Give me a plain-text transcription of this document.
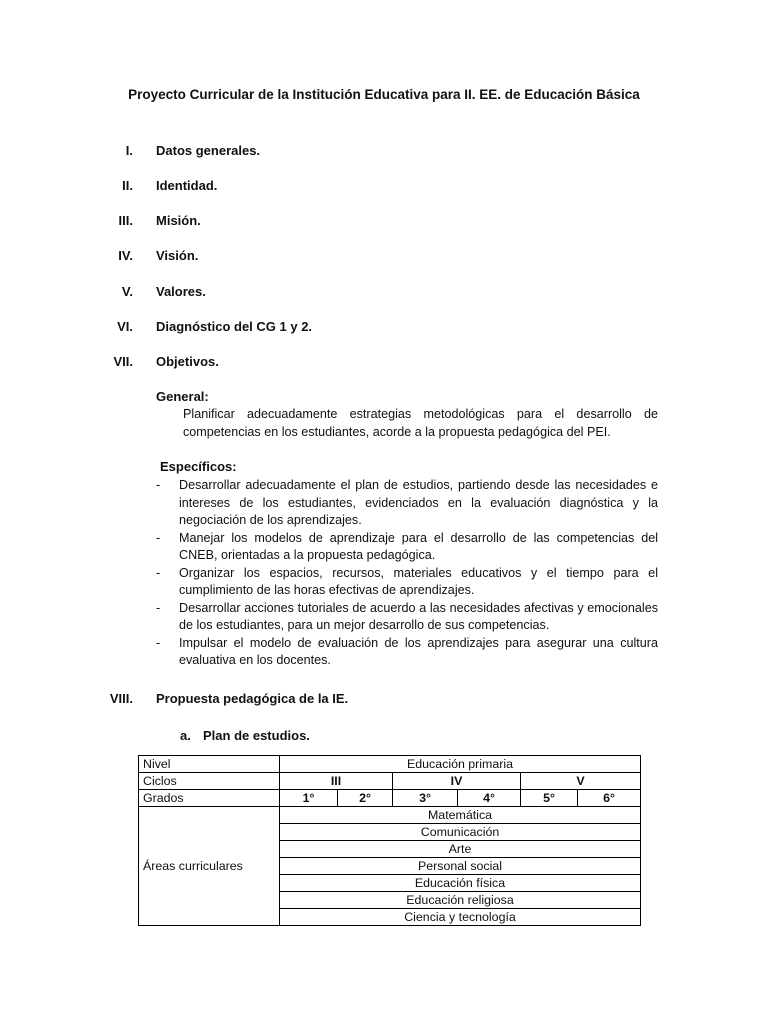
Proyecto Curricular de la Institución Educativa para II. EE. de Educación Básica
I. Datos generales.
II. Identidad.
III. Misión.
IV. Visión.
V. Valores.
VI. Diagnóstico del CG 1 y 2.
VII. Objetivos.
General:
Planificar adecuadamente estrategias metodológicas para el desarrollo de competencias en los estudiantes, acorde a la propuesta pedagógica del PEI.
Específicos:
- Desarrollar adecuadamente el plan de estudios, partiendo desde las necesidades e intereses de los estudiantes, evidenciados en la evaluación diagnóstica y la negociación de los aprendizajes.
- Manejar los modelos de aprendizaje para el desarrollo de las competencias del CNEB, orientadas a la propuesta pedagógica.
- Organizar los espacios, recursos, materiales educativos y el tiempo para el cumplimiento de las horas efectivas de aprendizajes.
- Desarrollar acciones tutoriales de acuerdo a las necesidades afectivas y emocionales de los estudiantes, para un mejor desarrollo de sus competencias.
- Impulsar el modelo de evaluación de los aprendizajes para asegurar una cultura evaluativa en los docentes.
VIII. Propuesta pedagógica de la IE.
a. Plan de estudios.
Nivel	Educación primaria					
Ciclos	III		IV		V	
Grados	1°	2°	3°	4°	5°	6°
Áreas curriculares	Matemática					
	Comunicación					
	Arte					
	Personal social					
	Educación física					
	Educación religiosa					
	Ciencia y tecnología					
